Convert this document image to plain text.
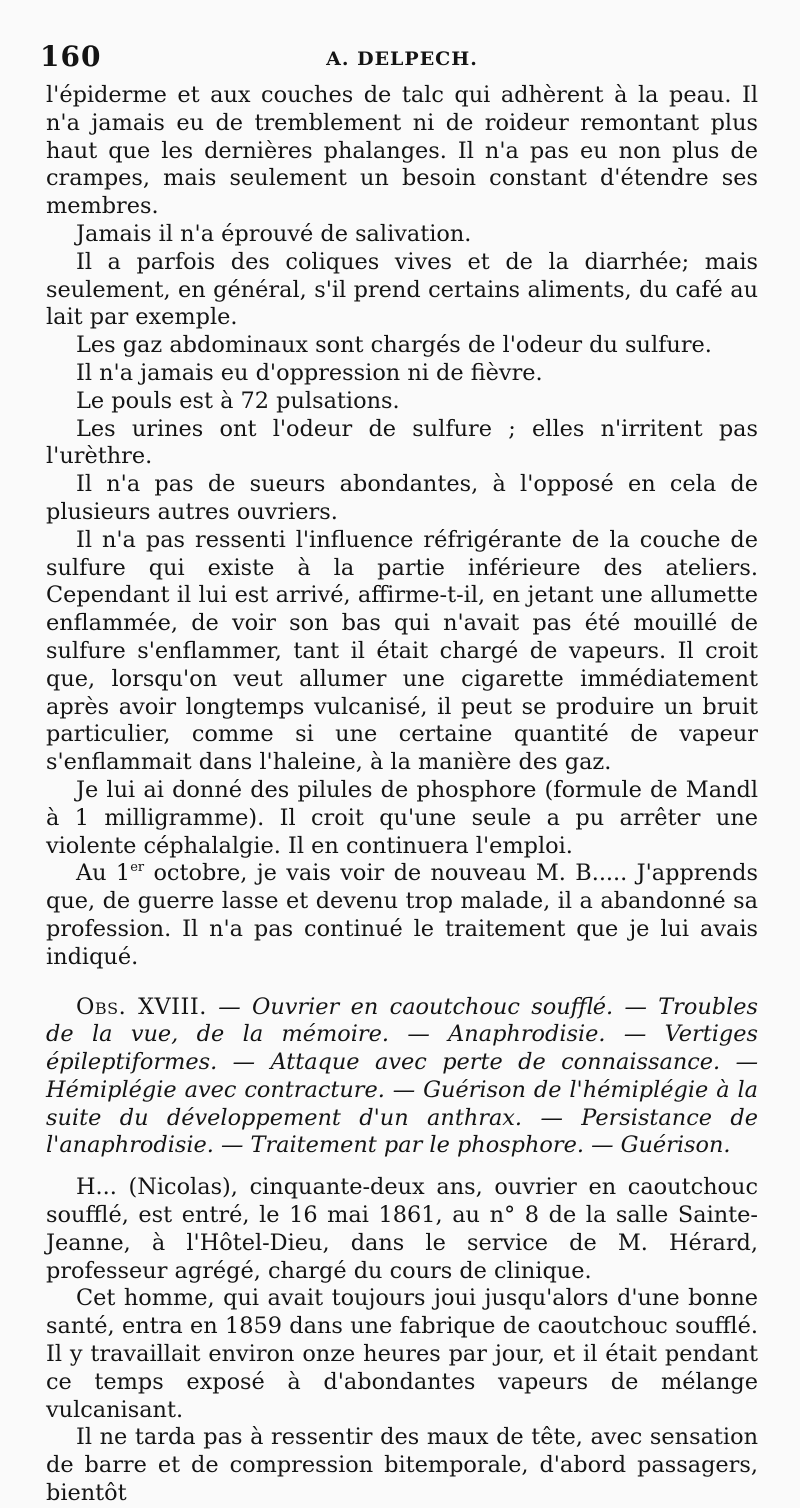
160	A. DELPECH.

l'épiderme et aux couches de talc qui adhèrent à la peau. Il n'a jamais eu de tremblement ni de roideur remontant plus haut que les dernières phalanges. Il n'a pas eu non plus de crampes, mais seulement un besoin constant d'étendre ses membres.

Jamais il n'a éprouvé de salivation.

Il a parfois des coliques vives et de la diarrhée; mais seulement, en général, s'il prend certains aliments, du café au lait par exemple.

Les gaz abdominaux sont chargés de l'odeur du sulfure.

Il n'a jamais eu d'oppression ni de fièvre.

Le pouls est à 72 pulsations.

Les urines ont l'odeur de sulfure ; elles n'irritent pas l'urèthre.

Il n'a pas de sueurs abondantes, à l'opposé en cela de plusieurs autres ouvriers.

Il n'a pas ressenti l'influence réfrigérante de la couche de sulfure qui existe à la partie inférieure des ateliers. Cependant il lui est arrivé, affirme-t-il, en jetant une allumette enflammée, de voir son bas qui n'avait pas été mouillé de sulfure s'enflammer, tant il était chargé de vapeurs. Il croit que, lorsqu'on veut allumer une cigarette immédiatement après avoir longtemps vulcanisé, il peut se produire un bruit particulier, comme si une certaine quantité de vapeur s'enflammait dans l'haleine, à la manière des gaz.

Je lui ai donné des pilules de phosphore (formule de Mandl à 1 milligramme). Il croit qu'une seule a pu arrêter une violente céphalalgie. Il en continuera l'emploi.

Au 1er octobre, je vais voir de nouveau M. B..... J'apprends que, de guerre lasse et devenu trop malade, il a abandonné sa profession. Il n'a pas continué le traitement que je lui avais indiqué.

Obs. XVIII. — Ouvrier en caoutchouc soufflé. — Troubles de la vue, de la mémoire. — Anaphrodisie. — Vertiges épileptiformes. — Attaque avec perte de connaissance. — Hémiplégie avec contracture. — Guérison de l'hémiplégie à la suite du développement d'un anthrax. — Persistance de l'anaphrodisie. — Traitement par le phosphore. — Guérison.

H... (Nicolas), cinquante-deux ans, ouvrier en caoutchouc soufflé, est entré, le 16 mai 1861, au n° 8 de la salle Sainte-Jeanne, à l'Hôtel-Dieu, dans le service de M. Hérard, professeur agrégé, chargé du cours de clinique.

Cet homme, qui avait toujours joui jusqu'alors d'une bonne santé, entra en 1859 dans une fabrique de caoutchouc soufflé. Il y travaillait environ onze heures par jour, et il était pendant ce temps exposé à d'abondantes vapeurs de mélange vulcanisant.

Il ne tarda pas à ressentir des maux de tête, avec sensation de barre et de compression bitemporale, d'abord passagers, bientôt
